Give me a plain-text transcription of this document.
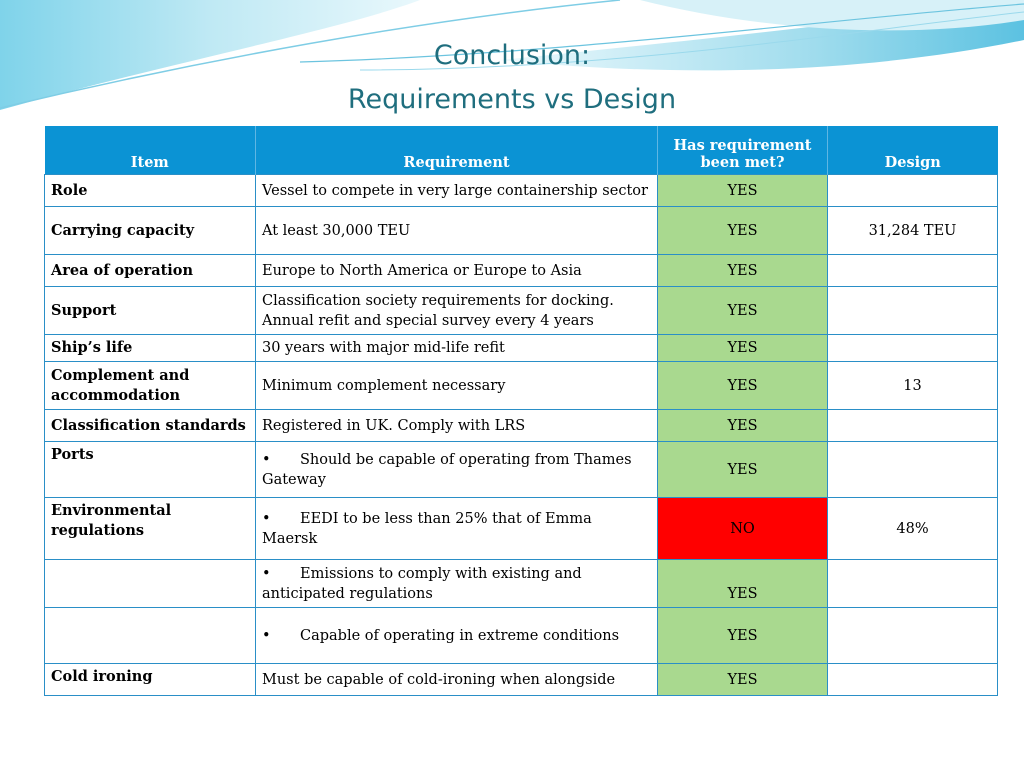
Conclusion:
Requirements vs Design
Item	Requirement	Has requirement been met?	Design
Role	Vessel to compete in very large containership sector	YES	
Carrying capacity	At least 30,000 TEU	YES	31,284 TEU
Area of operation	Europe to North America or Europe to Asia	YES	
Support	Classification society requirements for docking. Annual refit and special survey every 4 years	YES	
Ship’s life	30 years with major mid-life refit	YES	
Complement and accommodation	Minimum complement necessary	YES	13
Classification standards	Registered in UK. Comply with LRS	YES	
Ports	• Should be capable of operating from Thames Gateway	YES	
Environmental regulations	• EEDI to be less than 25% that of Emma Maersk	NO	48%
	• Emissions to comply with existing and anticipated regulations	YES	
	• Capable of operating in extreme conditions	YES	
Cold ironing	Must be capable of cold-ironing when alongside	YES	
